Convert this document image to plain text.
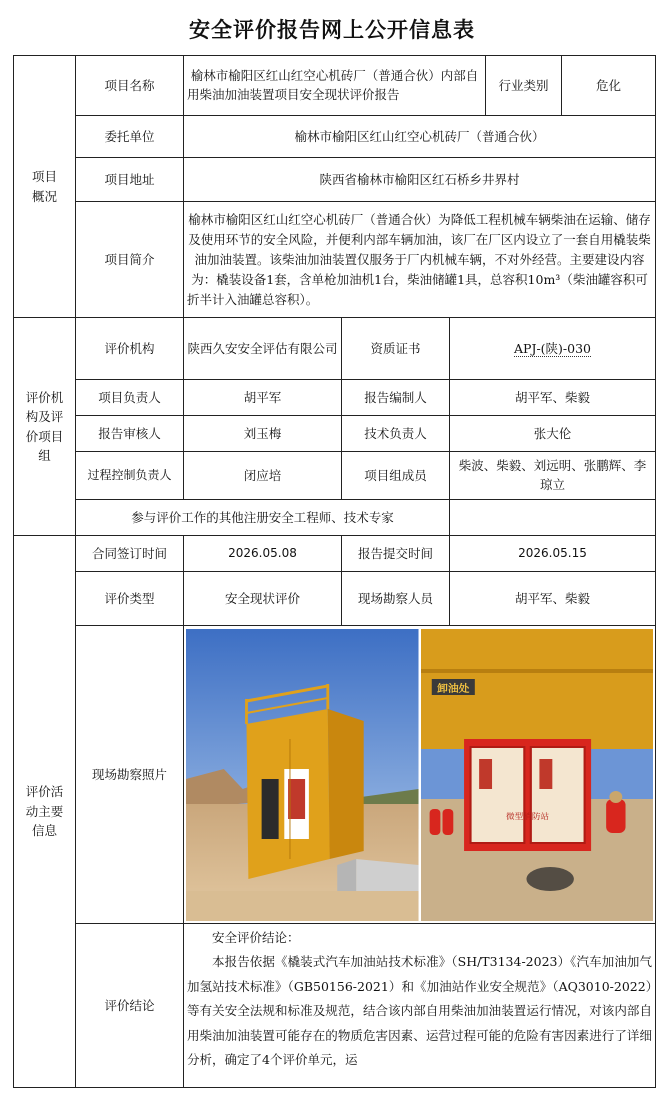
安全评价报告网上公开信息表
项目
概况	项目名称	榆林市榆阳区红山红空心机砖厂（普通合伙）内部自用柴油加油装置项目安全现状评价报告			行业类别	危化
	委托单位	榆林市榆阳区红山红空心机砖厂（普通合伙）				
	项目地址	陕西省榆林市榆阳区红石桥乡井界村				
	项目简介	榆林市榆阳区红山红空心机砖厂（普通合伙）为降低工程机械车辆柴油在运输、储存及使用环节的安全风险，并便利内部车辆加油，该厂在厂区内设立了一套自用橇装柴油加油装置。该柴油加油装置仅服务于厂内机械车辆，不对外经营。主要建设内容为：橇装设备1套，含单枪加油机1台，柴油储罐1具，总容积10m³（柴油罐容积可折半计入油罐总容积）。				
评价机
构及评
价项目
组	评价机构	陕西久安安全评估有限公司	资质证书	APJ-(陕)-030		
	项目负责人	胡平军	报告编制人	胡平军、柴毅		
	报告审核人	刘玉梅	技术负责人	张大伦		
	过程控制负责人	闭应培	项目组成员	柴波、柴毅、刘远明、张鹏辉、李琼立		
	参与评价工作的其他注册安全工程师、技术专家					
评价活
动主要
信息	合同签订时间	2026.05.08	报告提交时间	2026.05.15		
	评价类型	安全现状评价	现场勘察人员	胡平军、柴毅		
	现场勘察照片	卸油处
微型消防站				

	评价结论	安全评价结论：

本报告依据《橇装式汽车加油站技术标准》（SH/T3134-2023）《汽车加油加气加氢站技术标准》（GB50156-2021）和《加油站作业安全规范》（AQ3010-2022）等有关安全法规和标准及规范，结合该内部自用柴油加油装置运行情况，对该内部自用柴油加油装置可能存在的物质危害因素、运营过程可能的危险有害因素进行了详细分析，确定了4个评价单元，运				
